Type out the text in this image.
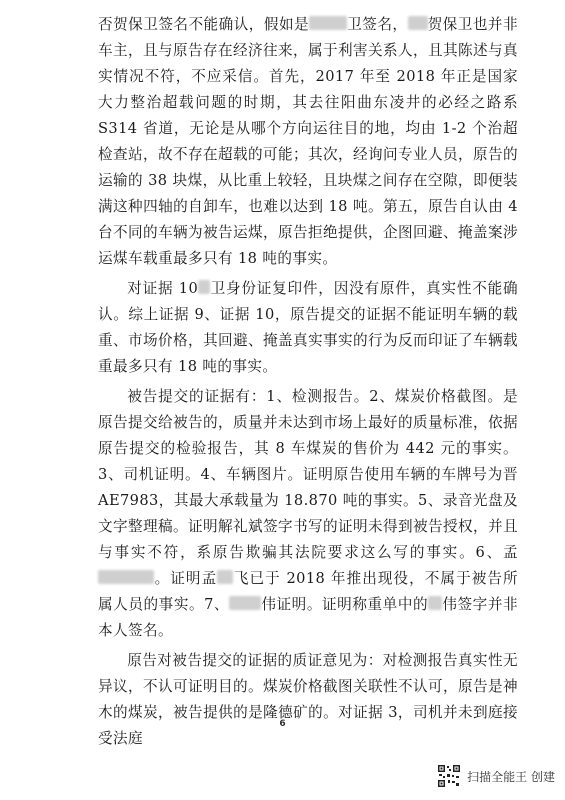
否贺保卫签名不能确认，假如是	卫签名， 贺保卫也并非车主，且与原告存在经济往来，属于利害关系人，且其陈述与真实情况不符，不应采信。首先，2017 年至 2018 年正是国家大力整治超载问题的时期，其去往阳曲东凌井的必经之路系 S314 省道，无论是从哪个方向运往目的地，均由 1-2 个治超检查站，故不存在超载的可能；其次，经询问专业人员，原告的运输的 38 块煤，从比重上较轻，且块煤之间存在空隙，即便装满这种四轴的自卸车，也难以达到 18 吨。第五，原告自认由 4 台不同的车辆为被告运煤，原告拒绝提供，企图回避、掩盖案涉运煤车载重最多只有 18 吨的事实。

对证据 10 卫身份证复印件，因没有原件，真实性不能确认。综上证据 9、证据 10，原告提交的证据不能证明车辆的载重、市场价格，其回避、掩盖真实事实的行为反而印证了车辆载重最多只有 18 吨的事实。

被告提交的证据有：1、检测报告。2、煤炭价格截图。是原告提交给被告的，质量并未达到市场上最好的质量标准，依据原告提交的检验报告，其 8 车煤炭的售价为 442 元的事实。3、司机证明。4、车辆图片。证明原告使用车辆的车牌号为晋 AE7983，其最大承载量为 18.870 吨的事实。5、录音光盘及文字整理稿。证明解礼斌签字书写的证明未得到被告授权，并且与事实不符，系原告欺骗其法院要求这么写的事实。6、孟。证明孟 飞已于 2018 年推出现役，不属于被告所属人员的事实。7、 伟证明。证明称重单中的 伟签字并非本人签名。

原告对被告提交的证据的质证意见为：对检测报告真实性无异议，不认可证明目的。煤炭价格截图关联性不认可，原告是神木的煤炭，被告提供的是隆德矿的。对证据 3，司机并未到庭接受法庭

6
扫描全能王 创建
